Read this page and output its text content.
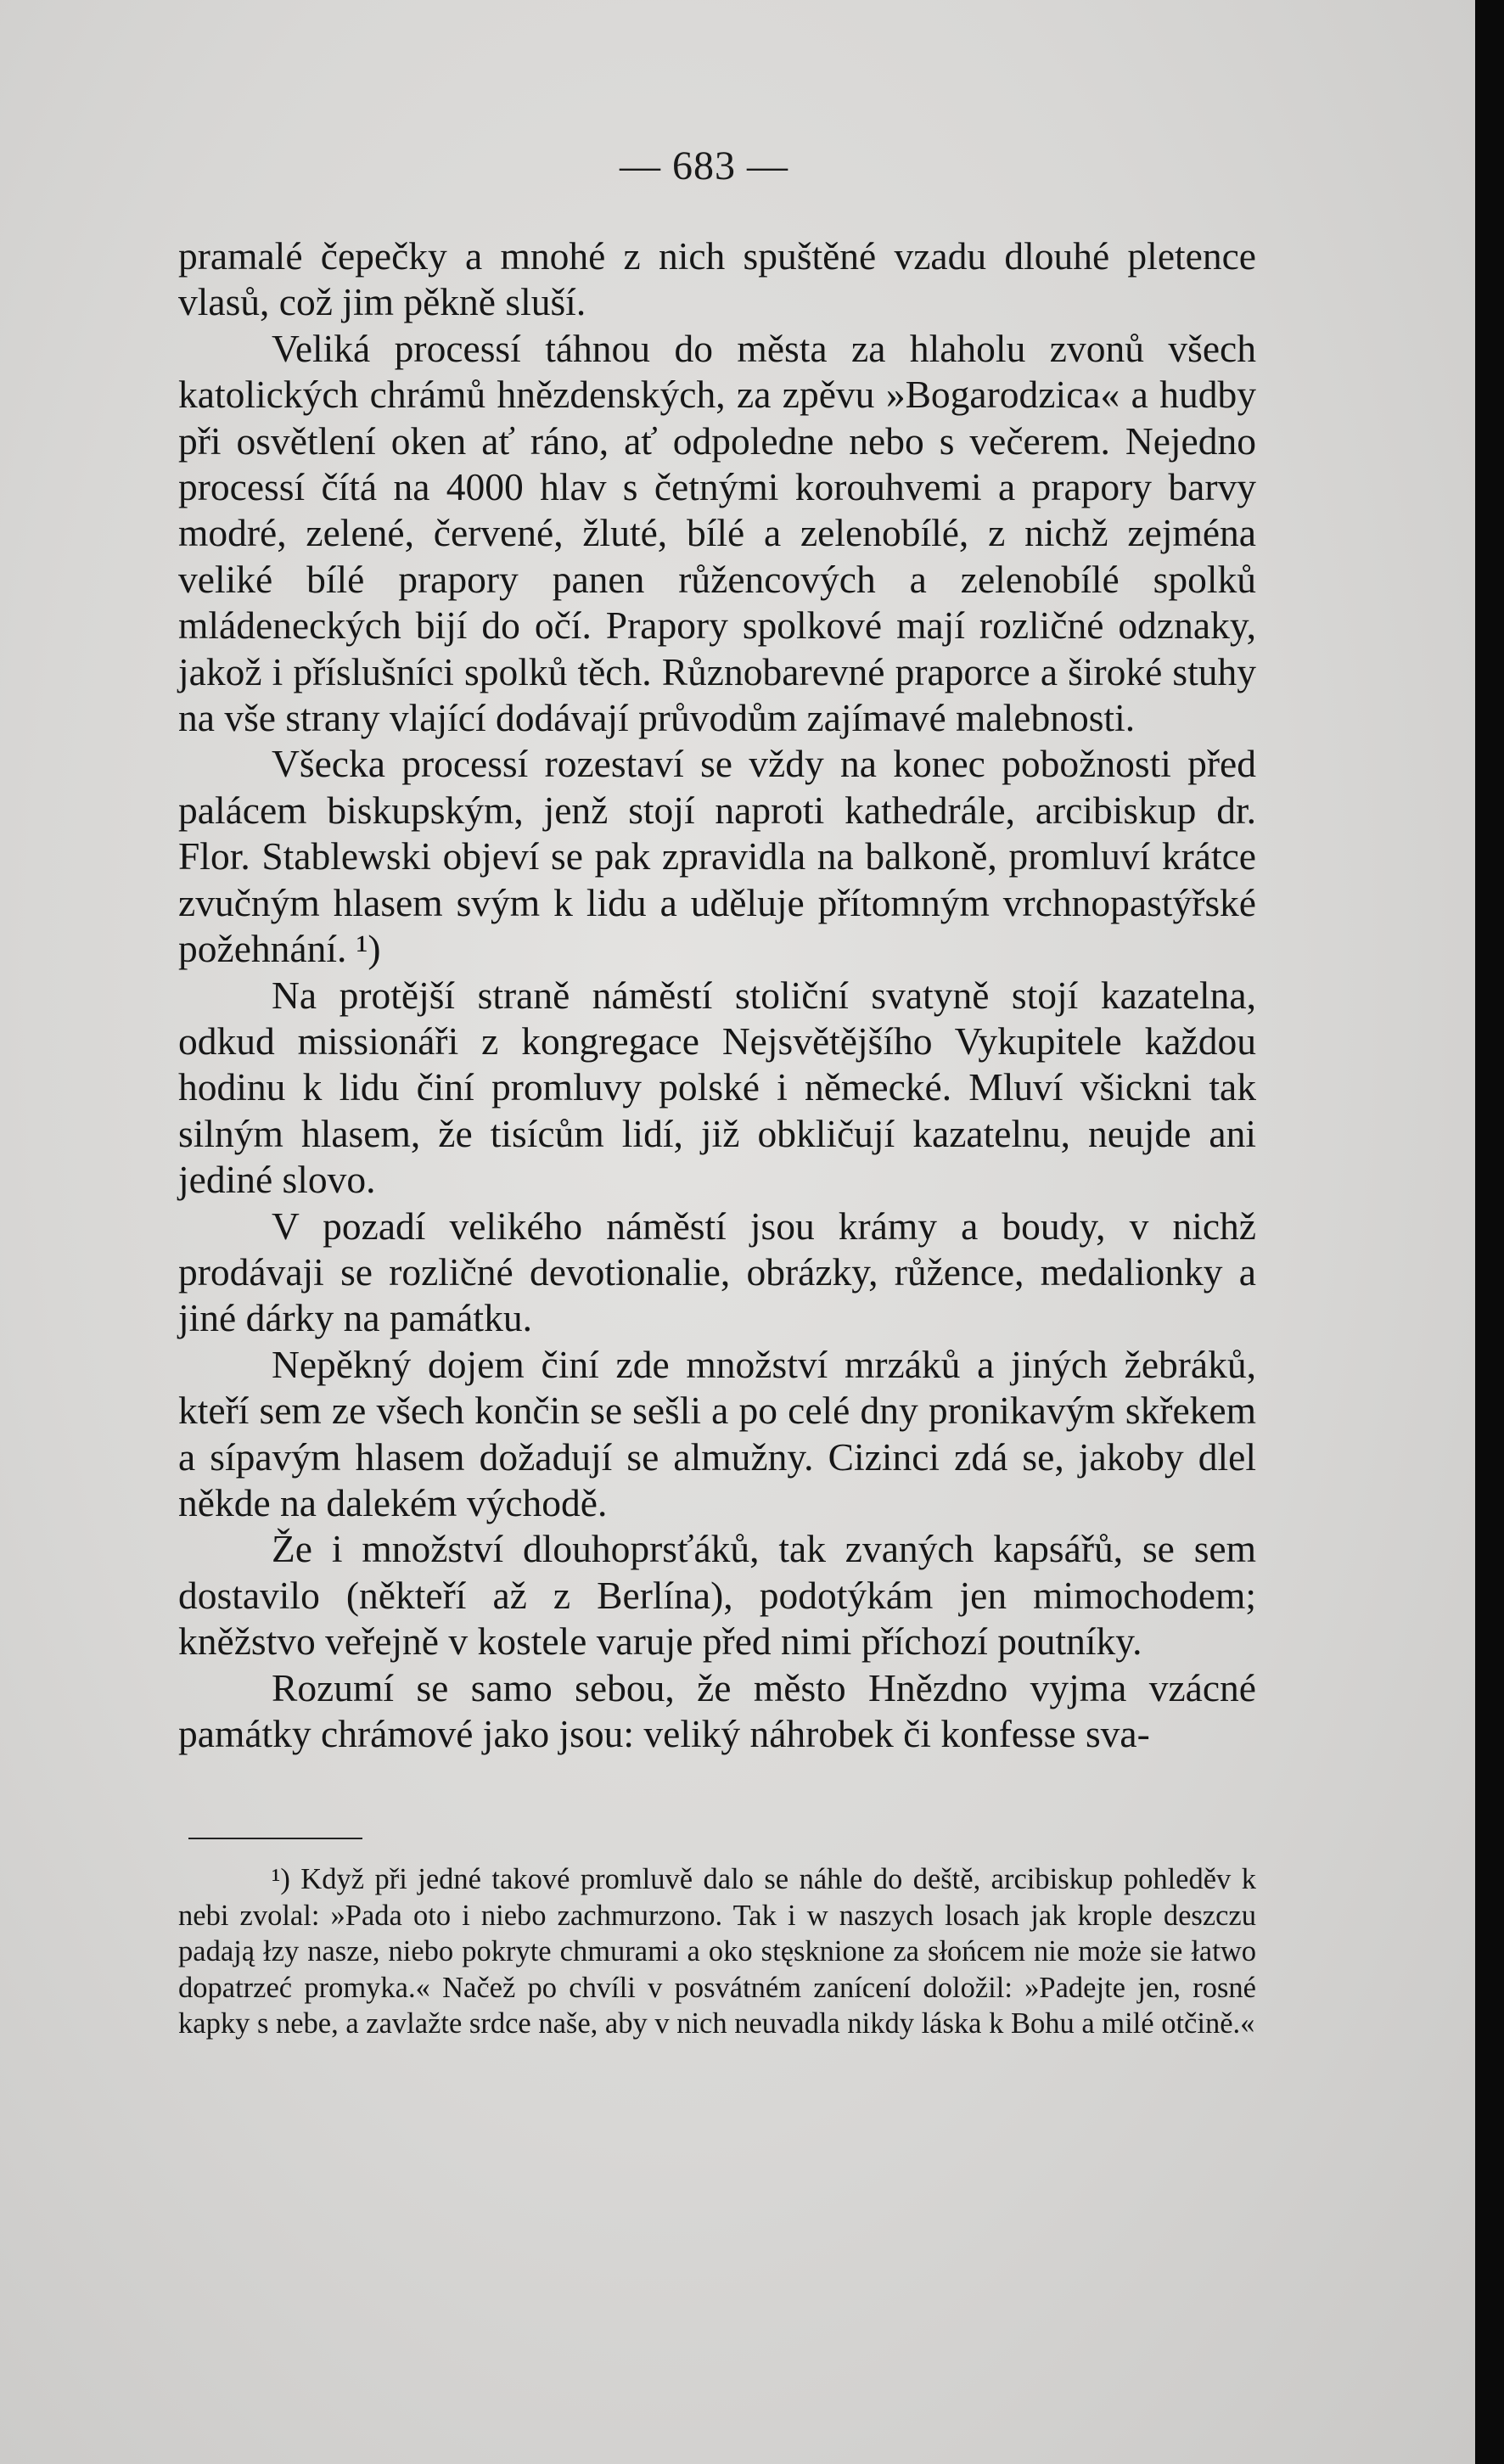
— 683 —

pramalé čepečky a mnohé z nich spuštěné vzadu dlouhé pletence vlasů, což jim pěkně sluší.

Veliká processí táhnou do města za hlaholu zvonů všech katolických chrámů hnězdenských, za zpěvu »Bogarodzica« a hudby při osvětlení oken ať ráno, ať odpoledne nebo s večerem. Nejedno processí čítá na 4000 hlav s četnými korouhvemi a prapory barvy modré, zelené, červené, žluté, bílé a zelenobílé, z nichž zejména veliké bílé prapory panen růžencových a zelenobílé spolků mládeneckých bijí do očí. Prapory spolkové mají rozličné odznaky, jakož i příslušníci spolků těch. Různobarevné praporce a široké stuhy na vše strany vlající dodávají průvodům zajímavé malebnosti.

Všecka processí rozestaví se vždy na konec pobožnosti před palácem biskupským, jenž stojí naproti kathedrále, arcibiskup dr. Flor. Stablewski objeví se pak zpravidla na balkoně, promluví krátce zvučným hlasem svým k lidu a uděluje přítomným vrchnopastýřské požehnání. ¹)

Na protější straně náměstí stoliční svatyně stojí kazatelna, odkud missionáři z kongregace Nejsvětějšího Vykupitele každou hodinu k lidu činí promluvy polské i německé. Mluví všickni tak silným hlasem, že tisícům lidí, již obkličují kazatelnu, neujde ani jediné slovo.

V pozadí velikého náměstí jsou krámy a boudy, v nichž prodávaji se rozličné devotionalie, obrázky, růžence, medalionky a jiné dárky na památku.

Nepěkný dojem činí zde množství mrzáků a jiných žebráků, kteří sem ze všech končin se sešli a po celé dny pronikavým skřekem a sípavým hlasem dožadují se almužny. Cizinci zdá se, jakoby dlel někde na dalekém východě.

Že i množství dlouhoprsťáků, tak zvaných kapsářů, se sem dostavilo (někteří až z Berlína), podotýkám jen mimochodem; kněžstvo veřejně v kostele varuje před nimi příchozí poutníky.

Rozumí se samo sebou, že město Hnězdno vyjma vzácné památky chrámové jako jsou: veliký náhrobek či konfesse sva-

¹) Když při jedné takové promluvě dalo se náhle do deště, arcibiskup pohleděv k nebi zvolal: »Pada oto i niebo zachmurzono. Tak i w naszych losach jak krople deszczu padają łzy nasze, niebo pokryte chmurami a oko stęsknione za słońcem nie może sie łatwo dopatrzeć promyka.« Načež po chvíli v posvátném zanícení doložil: »Padejte jen, rosné kapky s nebe, a zavlažte srdce naše, aby v nich neuvadla nikdy láska k Bohu a milé otčině.«
